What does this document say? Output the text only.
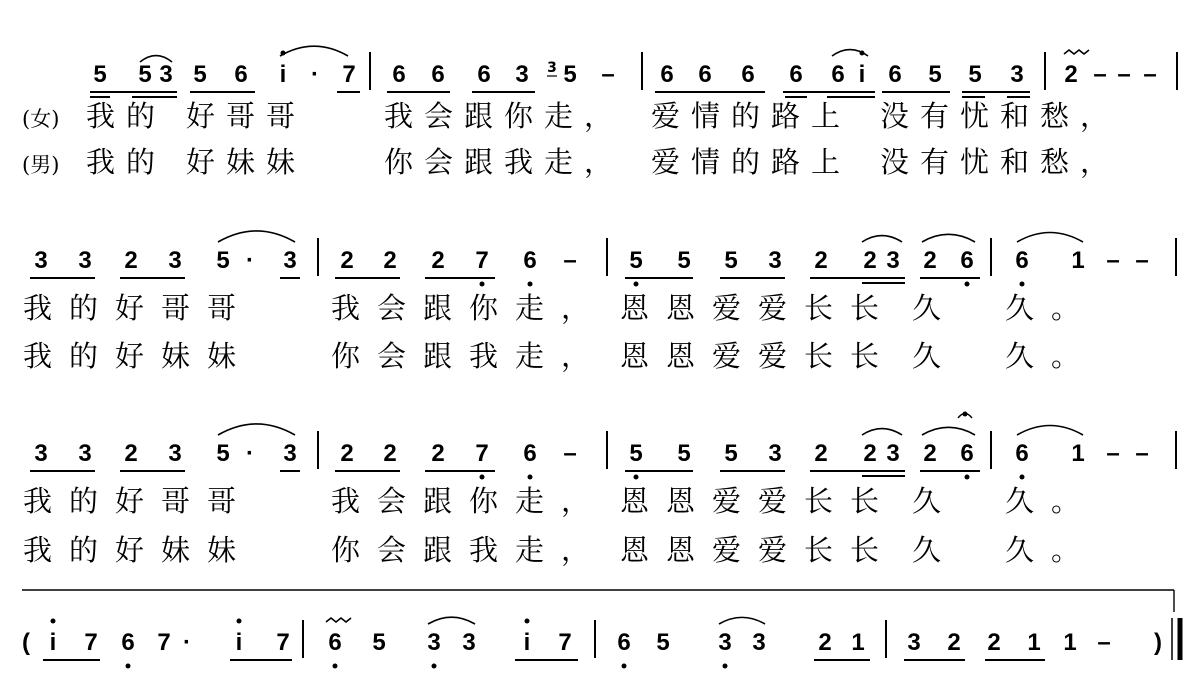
5 5 3 5 6 i · 7 6 6 6 3 5 – 6 6 6 6 6 i 6 5 5 3 2 – – –
3
3 3 2 3 5 · 3 2 2 2 7 6 – 5 5 5 3 2 2 3 2 6 6 1 – –
3 3 2 3 5 · 3 2 2 2 7 6 – 5 5 5 3 2 2 3 2 6 6 1 – –
( i 7 6 7 · i 7 6 5 3 3 i 7 6 5 3 3 2 1 3 2 2 1 1 – )
(女)
(男)
我 的 好 哥 哥	我 会 跟 你 走 ， 爱 情 的 路 上 没 有 忧 和 愁 ，
我 的 好 妹 妹	你 会 跟 我 走 ， 爱 情 的 路 上 没 有 忧 和 愁 ，
我 的 好 哥 哥	我 会 跟 你 走 ， 恩 恩 爱 爱 长 长 久 久 。
我 的 好 妹 妹	你 会 跟 我 走 ， 恩 恩 爱 爱 长 长 久 久 。
我 的 好 哥 哥	我 会 跟 你 走 ， 恩 恩 爱 爱 长 长 久 久 。
我 的 好 妹 妹	你 会 跟 我 走 ， 恩 恩 爱 爱 长 长 久 久 。
